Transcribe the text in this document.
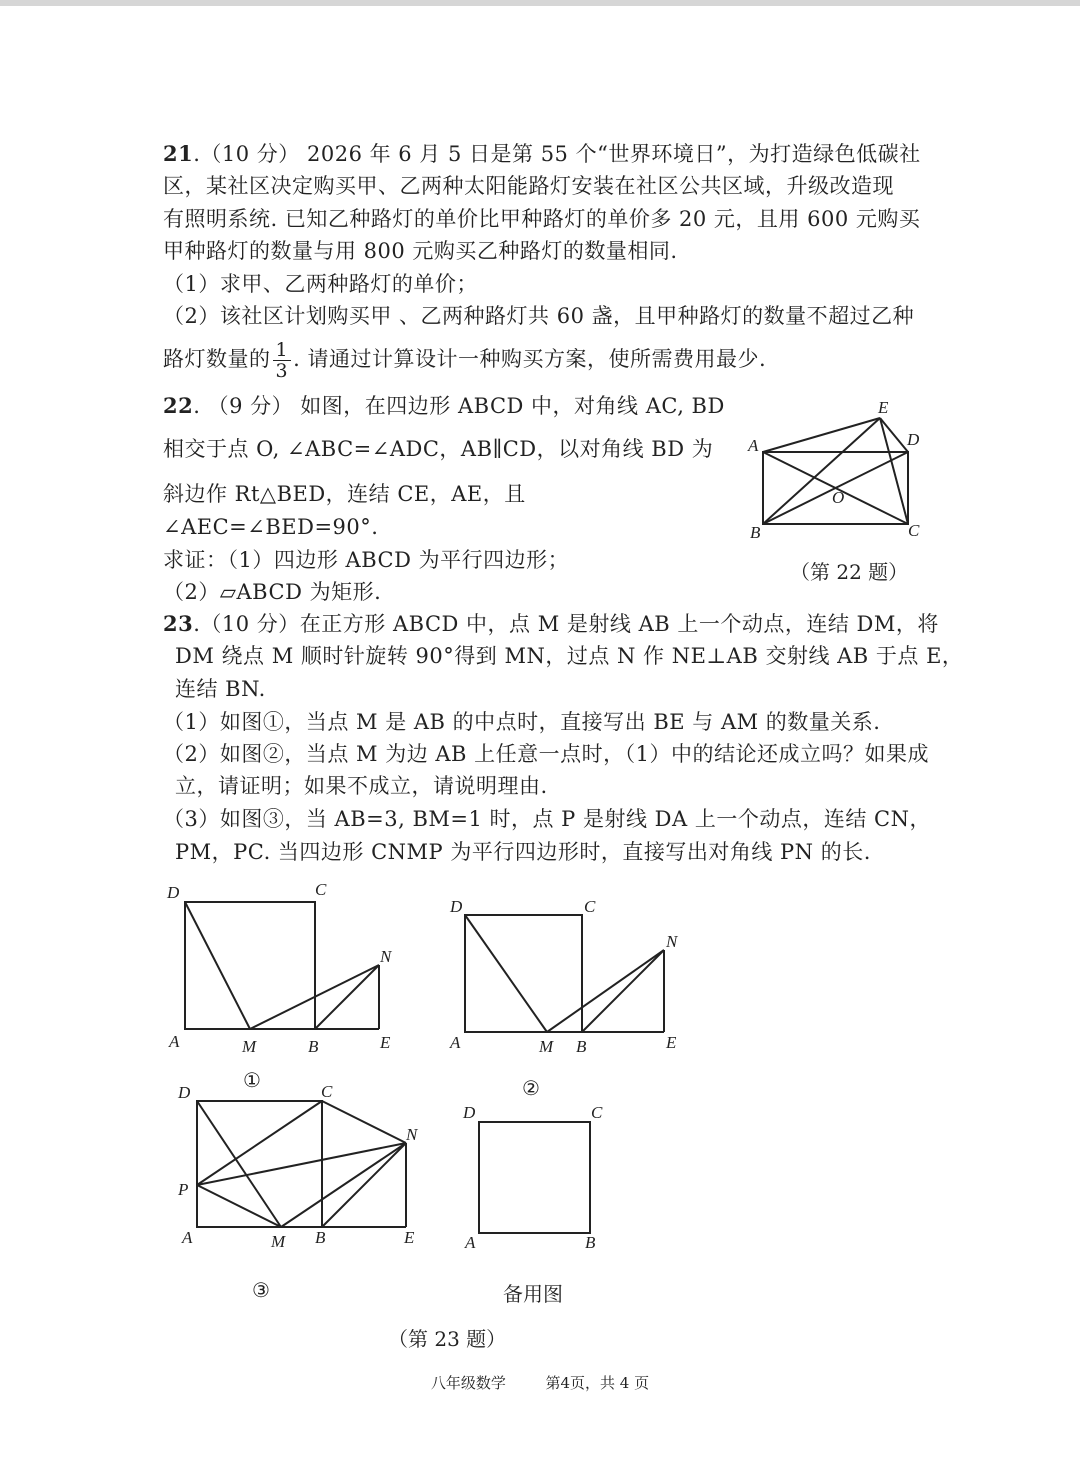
21.（10 分） 2026 年 6 月 5 日是第 55 个“世界环境日”，为打造绿色低碳社
区，某社区决定购买甲、乙两种太阳能路灯安装在社区公共区域，升级改造现
有照明系统. 已知乙种路灯的单价比甲种路灯的单价多 20 元，且用 600 元购买
甲种路灯的数量与用 800 元购买乙种路灯的数量相同.
（1）求甲、乙两种路灯的单价；
（2）该社区计划购买甲 、乙两种路灯共 60 盏，且甲种路灯的数量不超过乙种
路灯数量的 $\frac{1}{3}$ . 请通过计算设计一种购买方案，使所需费用最少.
22. （9 分） 如图，在四边形 ABCD 中，对角线 AC, BD
相交于点 O, ∠ABC=∠ADC，AB∥CD，以对角线 BD 为
斜边作 Rt△BED，连结 CE，AE，且
∠AEC=∠BED=90°.
求证：（1）四边形 ABCD 为平行四边形；
（2）▱ABCD 为矩形.
A
B	C
D
E
O
（第 22 题）
23.（10 分）在正方形 ABCD 中，点 M 是射线 AB 上一个动点，连结 DM，将
DM 绕点 M 顺时针旋转 90°得到 MN，过点 N 作 NE⊥AB 交射线 AB 于点 E，
连结 BN.
（1）如图①，当点 M 是 AB 的中点时，直接写出 BE 与 AM 的数量关系.
（2）如图②，当点 M 为边 AB 上任意一点时，（1）中的结论还成立吗？如果成
立，请证明；如果不成立，请说明理由.
（3）如图③，当 AB=3, BM=1 时，点 P 是射线 DA 上一个动点，连结 CN，
PM，PC. 当四边形 CNMP 为平行四边形时，直接写出对角线 PN 的长.
D	C
N
A	M	B	E
①
D	C
N
A	M B	E
②
D	C
N
P
A	M B	E
③
D	C
A	B
备用图
（第 23 题）
八年级数学	第4页，共 4 页
